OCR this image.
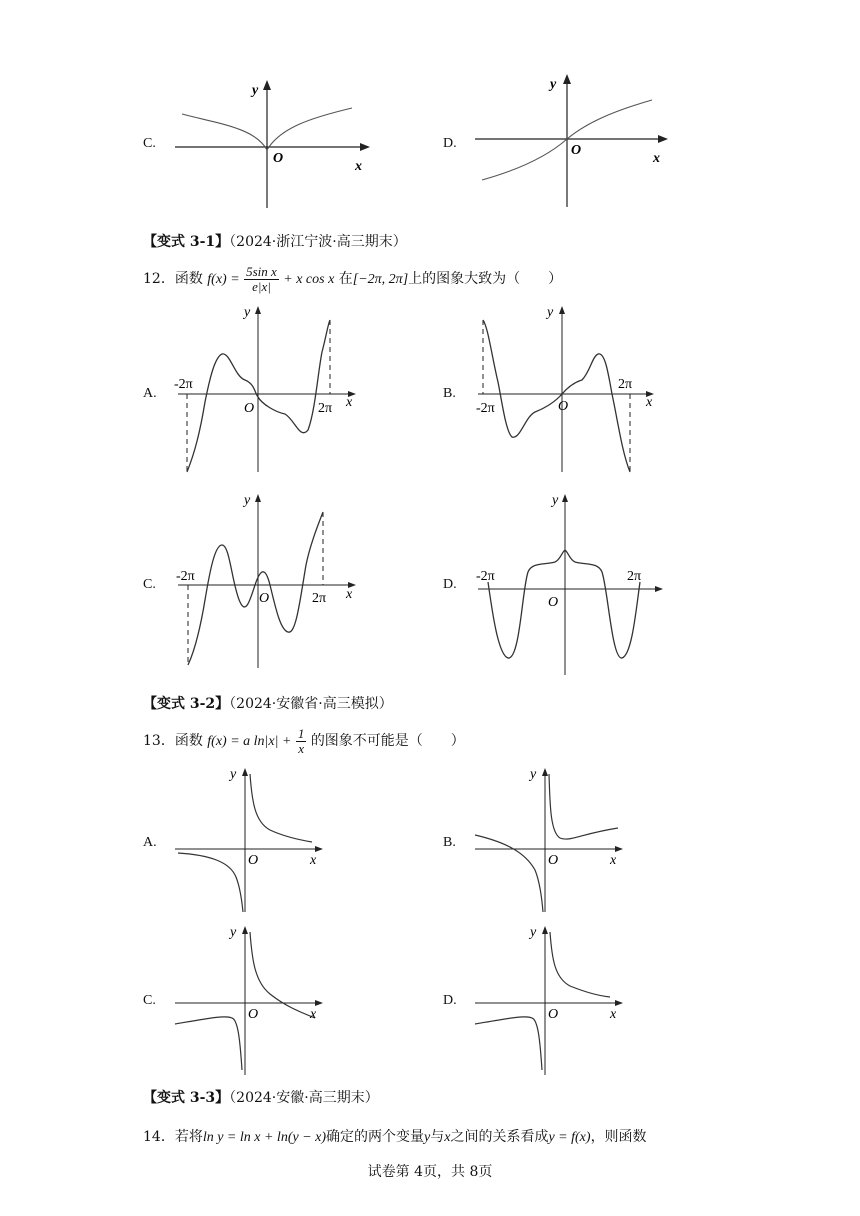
C.
y
O
x
D.
y
O
x
【变式 3-1】（2024·浙江宁波·高三期末）
12．函数 $f(x) = \frac{\text{5sin x}}{e|x|} + x$ cos x 在[−2π, 2π]上的图象大致为（　　）
A.
-2π
2π
O	x
y
B.
-2π
2π
O	x
y
C.
-2π
2π
O	x
y
D.
-2π	2π
O
y
【变式 3-2】（2024·安徽省·高三模拟）
13．函数 f(x) = a $\ln|x| + \frac{1}{x}$ 的图象不可能是（　　）
A.
y
O	x
B.
y
O	x
C.
y
O	x
D.
y
O	x
【变式 3-3】（2024·安徽·高三期末）
14．若将ln y = ln x + ln(y − x)确定的两个变量y与x之间的关系看成y = f(x)，则函数
试卷第 4页，共 8页
